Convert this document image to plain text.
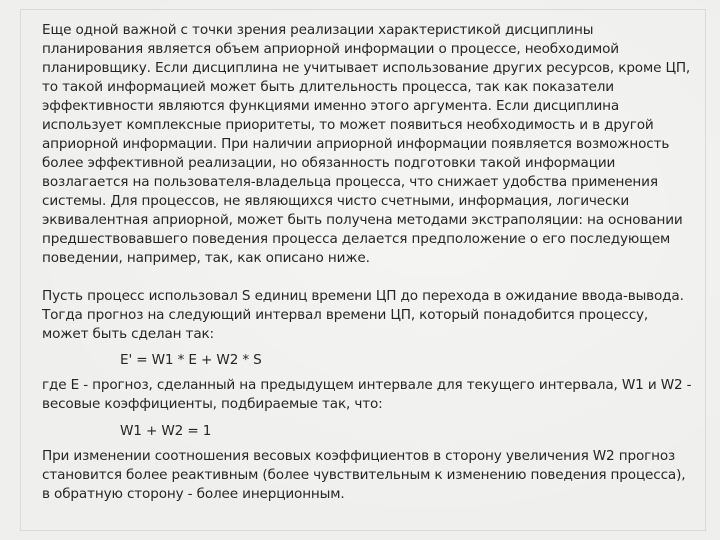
Еще одной важной с точки зрения реализации характеристикой дисциплины
планирования является объем априорной информации о процессе, необходимой
планировщику. Если дисциплина не учитывает использование других ресурсов, кроме ЦП,
то такой информацией может быть длительность процесса, так как показатели
эффективности являются функциями именно этого аргумента. Если дисциплина
использует комплексные приоритеты, то может появиться необходимость и в другой
априорной информации. При наличии априорной информации появляется возможность
более эффективной реализации, но обязанность подготовки такой информации
возлагается на пользователя-владельца процесса, что снижает удобства применения
системы. Для процессов, не являющихся чисто счетными, информация, логически
эквивалентная априорной, может быть получена методами экстраполяции: на основании
предшествовавшего поведения процесса делается предположение о его последующем
поведении, например, так, как описано ниже.

Пусть процесс использовал S единиц времени ЦП до перехода в ожидание ввода-вывода.
Тогда прогноз на следующий интервал времени ЦП, который понадобится процессу,
может быть сделан так:

E' = W1 * E + W2 * S

где E - прогноз, сделанный на предыдущем интервале для текущего интервала, W1 и W2 -
весовые коэффициенты, подбираемые так, что:

W1 + W2 = 1

При изменении соотношения весовых коэффициентов в сторону увеличения W2 прогноз
становится более реактивным (более чувствительным к изменению поведения процесса),
в обратную сторону - более инерционным.
